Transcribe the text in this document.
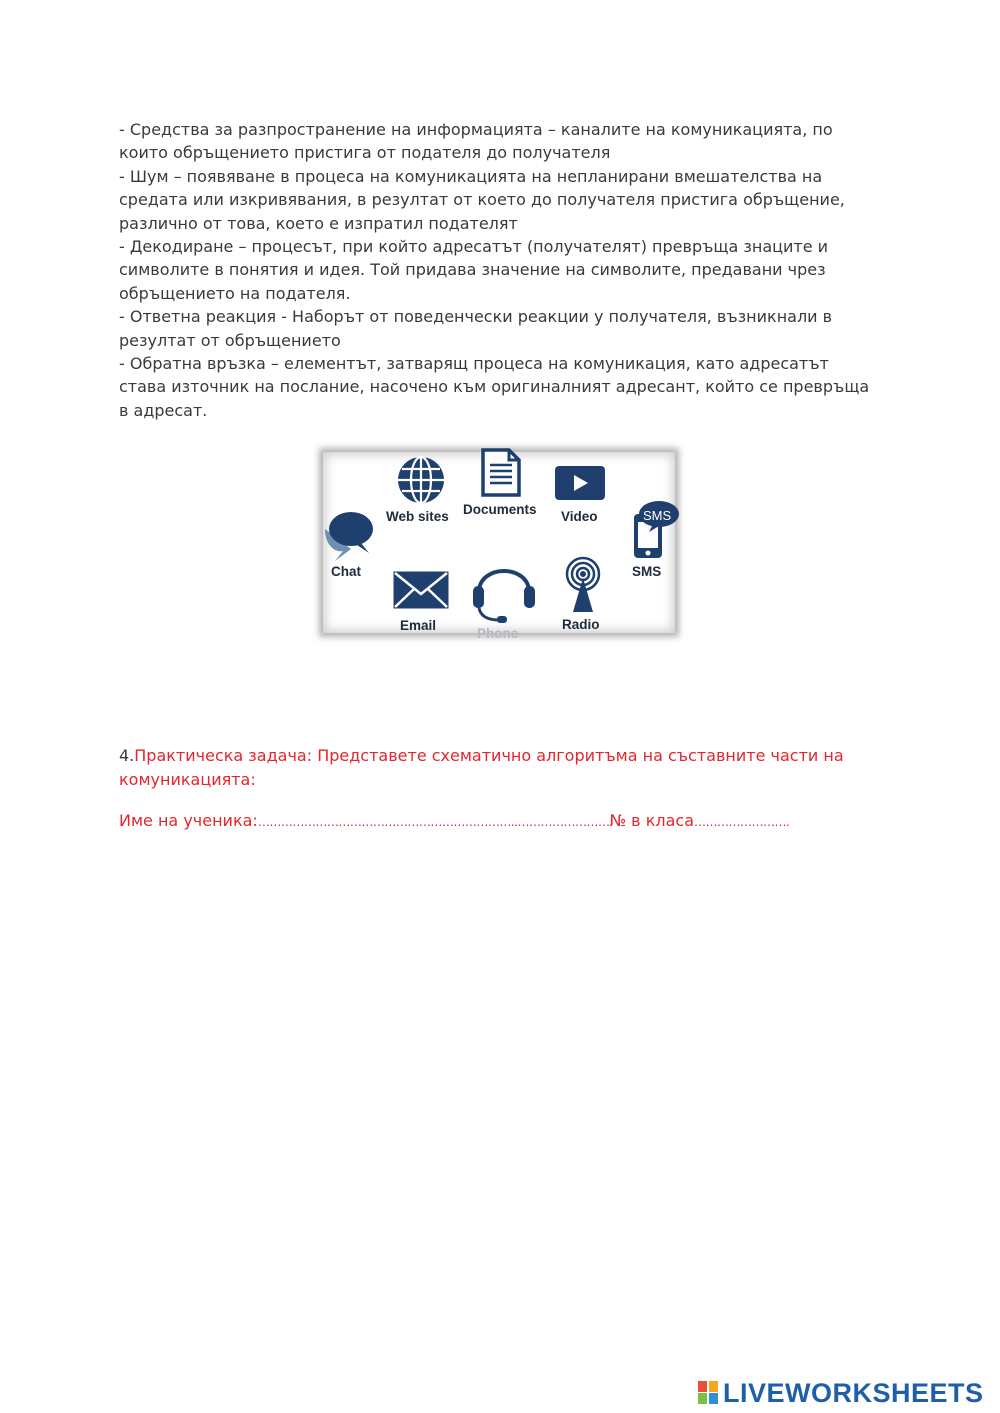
- Средства за разпространение на информацията – каналите на комуникацията, по които обръщението пристига от подателя до получателя

- Шум – появяване в процеса на комуникацията на непланирани вмешателства на средата или изкривявания, в резултат от което до получателя пристига обръщение, различно от това, което е изпратил подателят

- Декодиране – процесът, при който адресатът (получателят) превръща знаците и символите в понятия и идея. Той придава значение на символите, предавани чрез обръщението на подателя.

- Ответна реакция - Наборът от поведенчески реакции у получателя, възникнали в резултат от обръщението

- Обратна връзка – елементът, затварящ процеса на комуникация, като адресатът става източник на послание, насочено към оригиналният адресант, който се превръща в адресат.

Web sites Documents Video
Chat
SMS
SMS
Email
Phone
Radio
4.Практическа задача: Представете схематично алгоритъма на съставните части на комуникацията:
Име на ученика:…………………………………………………………..……………………№ в класа…………………….
LIVEWORKSHEETS
